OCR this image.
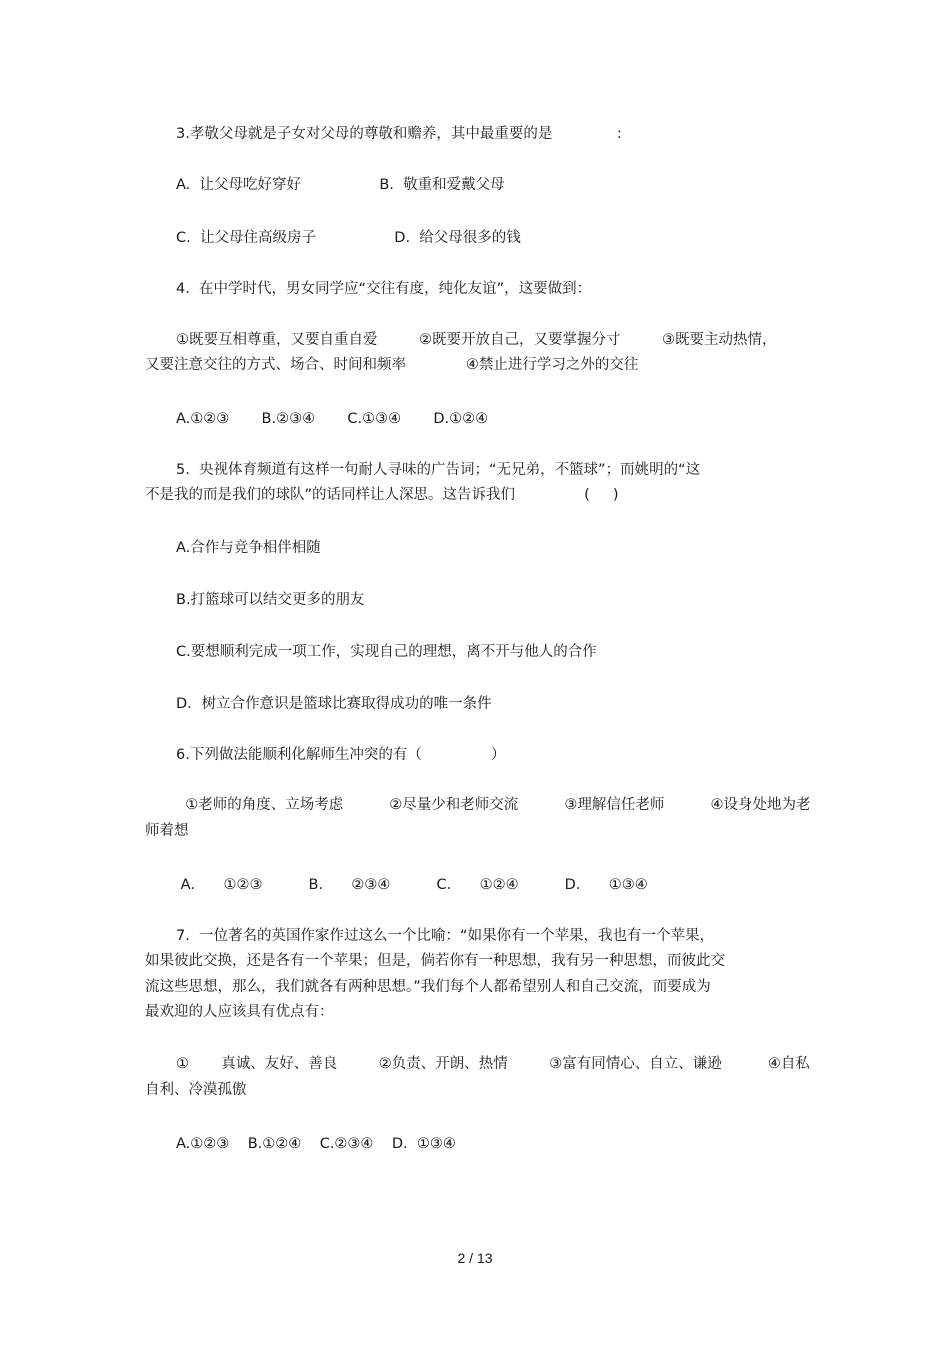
3.孝敬父母就是子女对父母的尊敬和赡养，其中最重要的是              :
A.  让父母吃好穿好                 B.  敬重和爱戴父母
C.  让父母住高级房子                 D.  给父母很多的钱
4.  在中学时代，男女同学应“交往有度，纯化友谊”，这要做到：
①既要互相尊重，又要自重自爱         ②既要开放自己，又要掌握分寸         ③既要主动热情，
又要注意交往的方式、场合、时间和频率             ④禁止进行学习之外的交往
A.①②③       B.②③④       C.①③④       D.①②④
5.  央视体育频道有这样一句耐人寻味的广告词；“无兄弟，不篮球”；而姚明的“这
不是我的而是我们的球队”的话同样让人深思。这告诉我们               (     )
A.合作与竞争相伴相随
B.打篮球可以结交更多的朋友
C.要想顺利完成一项工作，实现自己的理想，离不开与他人的合作
D．树立合作意识是篮球比赛取得成功的唯一条件
6.下列做法能顺利化解师生冲突的有（               ）
①老师的角度、立场考虑          ②尽量少和老师交流          ③理解信任老师          ④设身处地为老
师着想
A．    ①②③          B．    ②③④          C．    ①②④          D．    ①③④
7.  一位著名的英国作家作过这么一个比喻：“如果你有一个苹果，我也有一个苹果，
如果彼此交换，还是各有一个苹果；但是，倘若你有一种思想，我有另一种思想，而彼此交
流这些思想，那么，我们就各有两种思想。”我们每个人都希望别人和自己交流，而要成为
最欢迎的人应该具有优点有：
①       真诚、友好、善良         ②负责、开朗、热情         ③富有同情心、自立、谦逊          ④自私
自利、冷漠孤傲
A.①②③    B.①②④    C.②③④    D.  ①③④
2 / 13
